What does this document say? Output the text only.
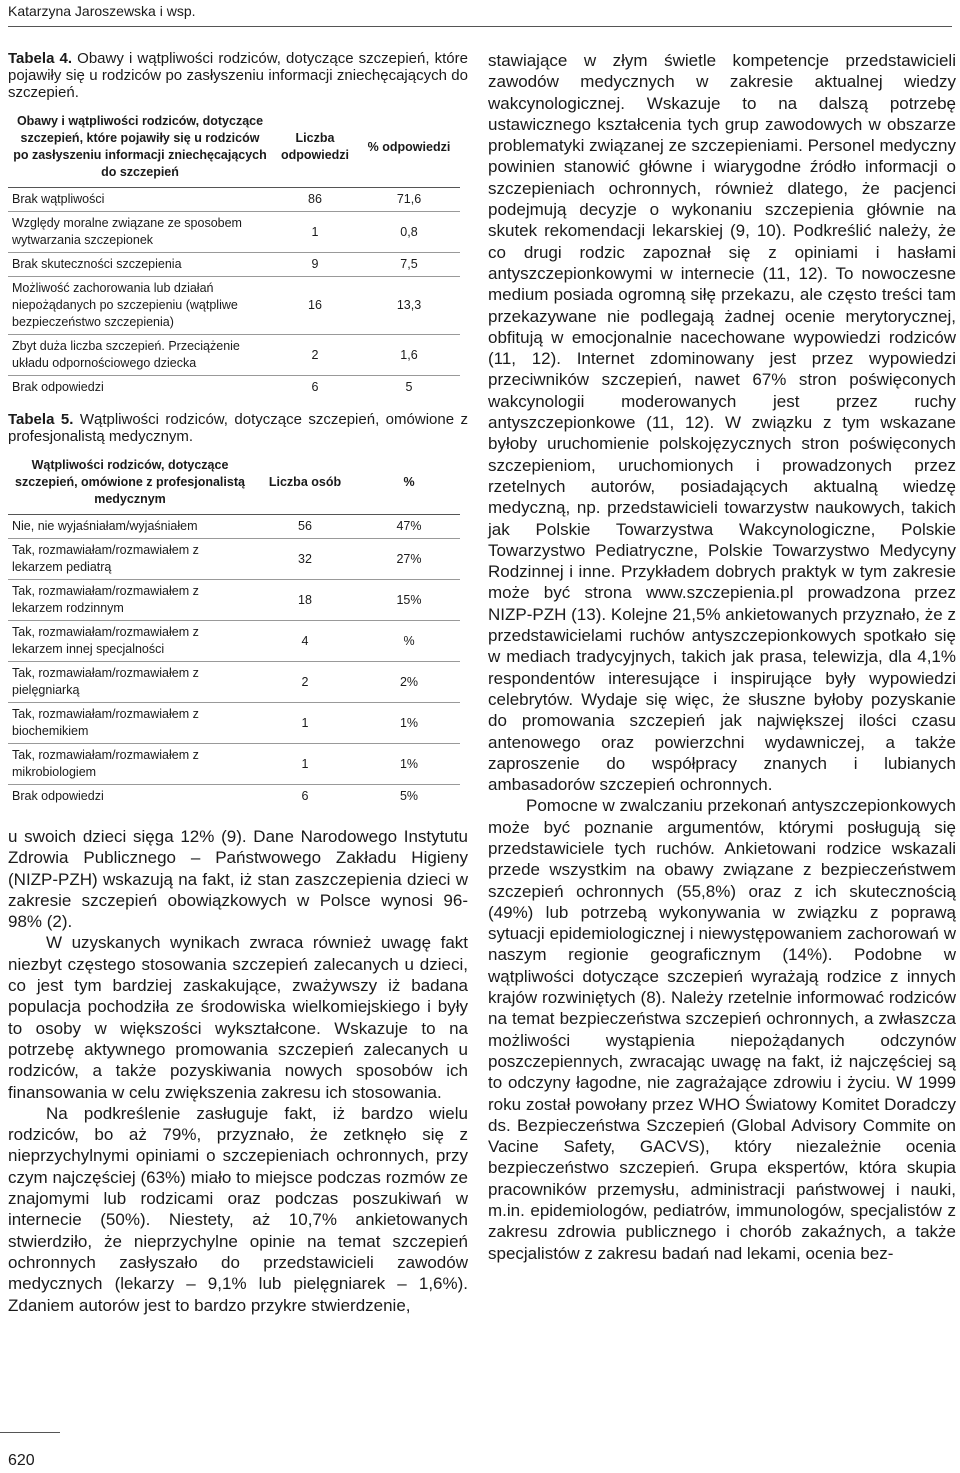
Katarzyna Jaroszewska i wsp.

Tabela 4. Obawy i wątpliwości rodziców, dotyczące szczepień, które pojawiły się u rodziców po zasłyszeniu informacji zniechęcających do szczepień.

Obawy i wątpliwości rodziców, dotyczące szczepień, które pojawiły się u rodziców po zasłyszeniu informacji zniechęcających do szczepień	Liczba odpowiedzi	% odpowiedzi
Brak wątpliwości	86	71,6
Względy moralne związane ze sposobem wytwarzania szczepionek	1	0,8
Brak skuteczności szczepienia	9	7,5
Możliwość zachorowania lub działań niepożądanych po szczepieniu (wątpliwe bezpieczeństwo szczepienia)	16	13,3
Zbyt duża liczba szczepień. Przeciążenie układu odpornościowego dziecka	2	1,6
Brak odpowiedzi	6	5

Tabela 5. Wątpliwości rodziców, dotyczące szczepień, omówione z profesjonalistą medycznym.

Wątpliwości rodziców, dotyczące szczepień, omówione z profesjonalistą medycznym	Liczba osób	%
Nie, nie wyjaśniałam/wyjaśniałem	56	47%
Tak, rozmawiałam/rozmawiałem z lekarzem pediatrą	32	27%
Tak, rozmawiałam/rozmawiałem z lekarzem rodzinnym	18	15%
Tak, rozmawiałam/rozmawiałem z lekarzem innej specjalności	4	%
Tak, rozmawiałam/rozmawiałem z pielęgniarką	2	2%
Tak, rozmawiałam/rozmawiałem z biochemikiem	1	1%
Tak, rozmawiałam/rozmawiałem z mikrobiologiem	1	1%
Brak odpowiedzi	6	5%

u swoich dzieci sięga 12% (9). Dane Narodowego Instytutu Zdrowia Publicznego – Państwowego Zakładu Higieny (NIZP-PZH) wskazują na fakt, iż stan zaszczepienia dzieci w zakresie szczepień obowiązkowych w Polsce wynosi 96-98% (2).

W uzyskanych wynikach zwraca również uwagę fakt niezbyt częstego stosowania szczepień zalecanych u dzieci, co jest tym bardziej zaskakujące, zważywszy iż badana populacja pochodziła ze środowiska wielkomiejskiego i były to osoby w większości wykształcone. Wskazuje to na potrzebę aktywnego promowania szczepień zalecanych u rodziców, a także pozyskiwania nowych sposobów ich finansowania w celu zwiększenia zakresu ich stosowania.

Na podkreślenie zasługuje fakt, iż bardzo wielu rodziców, bo aż 79%, przyznało, że zetknęło się z nieprzychylnymi opiniami o szczepieniach ochronnych, przy czym najczęściej (63%) miało to miejsce podczas rozmów ze znajomymi lub rodzicami oraz podczas poszukiwań w internecie (50%). Niestety, aż 10,7% ankietowanych stwierdziło, że nieprzychylne opinie na temat szczepień ochronnych zasłyszało do przedstawicieli zawodów medycznych (lekarzy – 9,1% lub pielęgniarek – 1,6%). Zdaniem autorów jest to bardzo przykre stwierdzenie,

stawiające w złym świetle kompetencje przedstawicieli zawodów medycznych w zakresie aktualnej wiedzy wakcynologicznej. Wskazuje to na dalszą potrzebę ustawicznego kształcenia tych grup zawodowych w obszarze problematyki związanej ze szczepieniami. Personel medyczny powinien stanowić główne i wiarygodne źródło informacji o szczepieniach ochronnych, również dlatego, że pacjenci podejmują decyzje o wykonaniu szczepienia głównie na skutek rekomendacji lekarskiej (9, 10). Podkreślić należy, że co drugi rodzic zapoznał się z opiniami i hasłami antyszczepionkowymi w internecie (11, 12). To nowoczesne medium posiada ogromną siłę przekazu, ale często treści tam przekazywane nie podlegają żadnej ocenie merytorycznej, obfitują w emocjonalnie nacechowane wypowiedzi rodziców (11, 12). Internet zdominowany jest przez wypowiedzi przeciwników szczepień, nawet 67% stron poświęconych wakcynologii moderowanych jest przez ruchy antyszczepionkowe (11, 12). W związku z tym wskazane byłoby uruchomienie polskojęzycznych stron poświęconych szczepieniom, uruchomionych i prowadzonych przez rzetelnych autorów, posiadających aktualną wiedzę medyczną, np. przedstawicieli towarzystw naukowych, takich jak Polskie Towarzystwa Wakcynologiczne, Polskie Towarzystwo Pediatryczne, Polskie Towarzystwo Medycyny Rodzinnej i inne. Przykładem dobrych praktyk w tym zakresie może być strona www.szczepienia.pl prowadzona przez NIZP-PZH (13). Kolejne 21,5% ankietowanych przyznało, że z przedstawicielami ruchów antyszczepionkowych spotkało się w mediach tradycyjnych, takich jak prasa, telewizja, dla 4,1% respondentów interesujące i inspirujące były wypowiedzi celebrytów. Wydaje się więc, że słuszne byłoby pozyskanie do promowania szczepień jak największej ilości czasu antenowego oraz powierzchni wydawniczej, a także zaproszenie do współpracy znanych i lubianych ambasadorów szczepień ochronnych.

Pomocne w zwalczaniu przekonań antyszczepionkowych może być poznanie argumentów, którymi posługują się przedstawiciele tych ruchów. Ankietowani rodzice wskazali przede wszystkim na obawy związane z bezpieczeństwem szczepień ochronnych (55,8%) oraz z ich skutecznością (49%) lub potrzebą wykonywania w związku z poprawą sytuacji epidemiologicznej i niewystępowaniem zachorowań w naszym regionie geograficznym (14%). Podobne w wątpliwości dotyczące szczepień wyrażają rodzice z innych krajów rozwiniętych (8). Należy rzetelnie informować rodziców na temat bezpieczeństwa szczepień ochronnych, a zwłaszcza możliwości wystąpienia niepożądanych odczynów poszczepiennych, zwracając uwagę na fakt, iż najczęściej są to odczyny łagodne, nie zagrażające zdrowiu i życiu. W 1999 roku został powołany przez WHO Światowy Komitet Doradczy ds. Bezpieczeństwa Szczepień (Global Advisory Commite on Vacine Safety, GACVS), który niezależnie ocenia bezpieczeństwo szczepień. Grupa ekspertów, która skupia pracowników przemysłu, administracji państwowej i nauki, m.in. epidemiologów, pediatrów, immunologów, specjalistów z zakresu zdrowia publicznego i chorób zakaźnych, a także specjalistów z zakresu badań nad lekami, ocenia bez-

620
